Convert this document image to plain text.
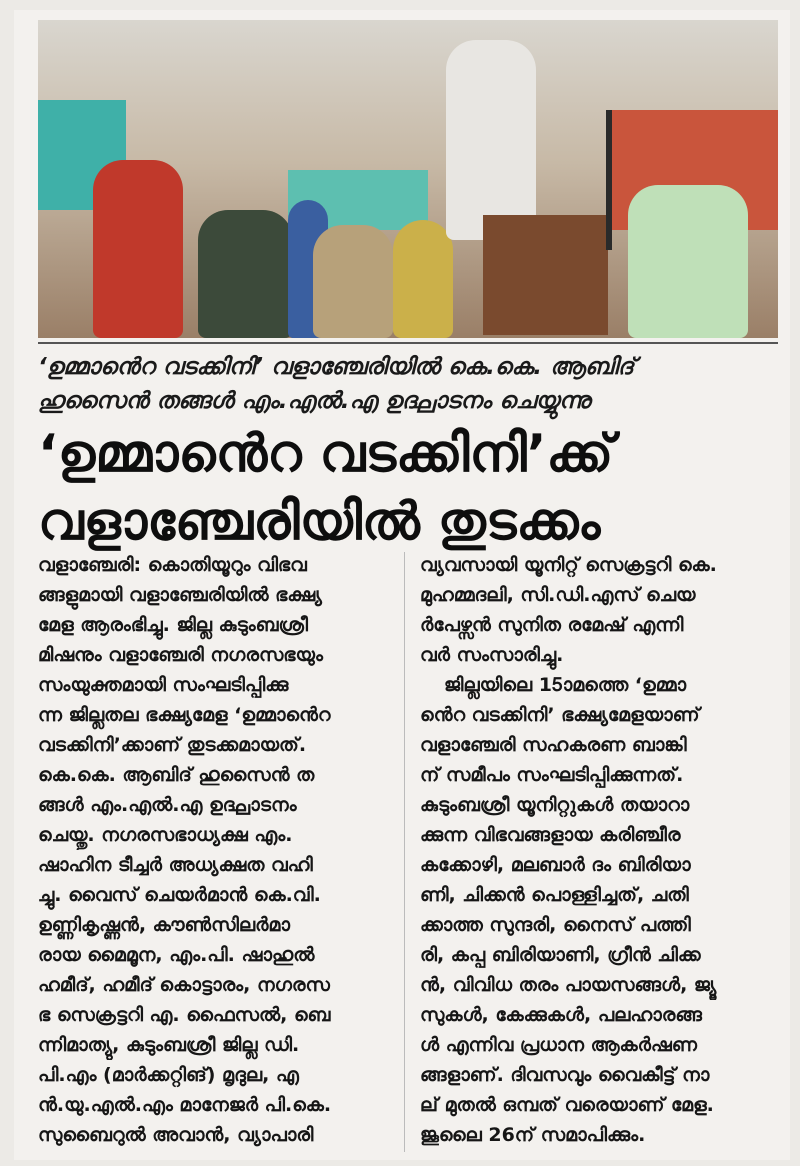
‘ഉമ്മാൻെറ വടക്കിനി’ വളാഞ്ചേരിയിൽ കെ.കെ. ആബിദ്
ഹുസൈൻ തങ്ങൾ എം.എൽ.എ ഉദ്ഘാടനം ചെയ്യുന്നു
‘ഉമ്മാൻെറ വടക്കിനി’ക്ക്
വളാഞ്ചേരിയിൽ തുടക്കം
വളാഞ്ചേരി: കൊതിയൂറും വിഭവ
ങ്ങളുമായി വളാഞ്ചേരിയിൽ ഭക്ഷ്യ
മേള ആരംഭിച്ചു. ജില്ല കുടുംബശ്രീ
മിഷനും വളാഞ്ചേരി നഗരസഭയും
സംയുക്തമായി സംഘടിപ്പിക്കു
ന്ന ജില്ലതല ഭക്ഷ്യമേള ‘ഉമ്മാൻെറ
വടക്കിനി’ക്കാണ് തുടക്കമായത്.
കെ.കെ. ആബിദ് ഹുസൈൻ ത
ങ്ങൾ എം.എൽ.എ ഉദ്ഘാടനം
ചെയ്തു. നഗരസഭാധ്യക്ഷ എം.
ഷാഹിന ടീച്ചർ അധ്യക്ഷത വഹി
ച്ചു. വൈസ് ചെയർമാൻ കെ.വി.
ഉണ്ണികൃഷ്ണൻ, കൗൺസിലർമാ
രായ മൈമൂന, എം.പി. ഷാഹുൽ
ഹമീദ്, ഹമീദ് കൊട്ടാരം, നഗരസ
ഭ സെക്രട്ടറി എ. ഫൈസൽ, ബെ
ന്നിമാത്യു, കുടുംബശ്രീ ജില്ല ഡി.
പി.എം (മാർക്കറ്റിങ്) മൃദുല, എ
ൻ.യു.എൽ.എം മാനേജർ പി.കെ.
സുബൈറുൽ അവാൻ, വ്യാപാരി
വ്യവസായി യൂനിറ്റ് സെക്രട്ടറി കെ.
മുഹമ്മദലി, സി.ഡി.എസ് ചെയ
ർപേഴ്സൻ സുനിത രമേഷ് എന്നി
വർ സംസാരിച്ചു.
ജില്ലയിലെ 15ാമത്തെ ‘ഉമ്മാ
ൻെറ വടക്കിനി’ ഭക്ഷ്യമേളയാണ്
വളാഞ്ചേരി സഹകരണ ബാങ്കി
ന് സമീപം സംഘടിപ്പിക്കുന്നത്.
കുടുംബശ്രീ യൂനിറ്റുകൾ തയാറാ
ക്കുന്ന വിഭവങ്ങളായ കരിഞ്ചീര
കക്കോഴി, മലബാർ ദം ബിരിയാ
ണി, ചിക്കൻ പൊള്ളിച്ചത്, ചതി
ക്കാത്ത സുന്ദരി, നൈസ് പത്തി
രി, കപ്പ ബിരിയാണി, ഗ്രീൻ ചിക്ക
ൻ, വിവിധ തരം പായസങ്ങൾ, ജ്യൂ
സുകൾ, കേക്കുകൾ, പലഹാരങ്ങ
ൾ എന്നിവ പ്രധാന ആകർഷണ
ങ്ങളാണ്. ദിവസവും വൈകീട്ട് നാ
ല് മുതൽ ഒമ്പത് വരെയാണ് മേള.
ജൂലൈ 26ന് സമാപിക്കും.
